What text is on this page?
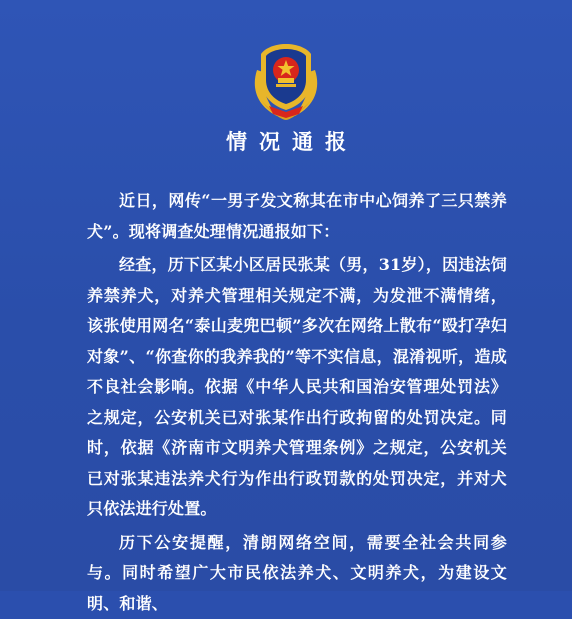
情况通报

近日，网传“一男子发文称其在市中心饲养了三只禁养犬”。现将调查处理情况通报如下：

经查，历下区某小区居民张某（男，31岁），因违法饲养禁养犬，对养犬管理相关规定不满，为发泄不满情绪，该张使用网名“泰山麦兜巴顿”多次在网络上散布“殴打孕妇对象”、“你查你的我养我的”等不实信息，混淆视听，造成不良社会影响。依据《中华人民共和国治安管理处罚法》之规定，公安机关已对张某作出行政拘留的处罚决定。同时，依据《济南市文明养犬管理条例》之规定，公安机关已对张某违法养犬行为作出行政罚款的处罚决定，并对犬只依法进行处置。

历下公安提醒，清朗网络空间，需要全社会共同参与。同时希望广大市民依法养犬、文明养犬，为建设文明、和谐、
